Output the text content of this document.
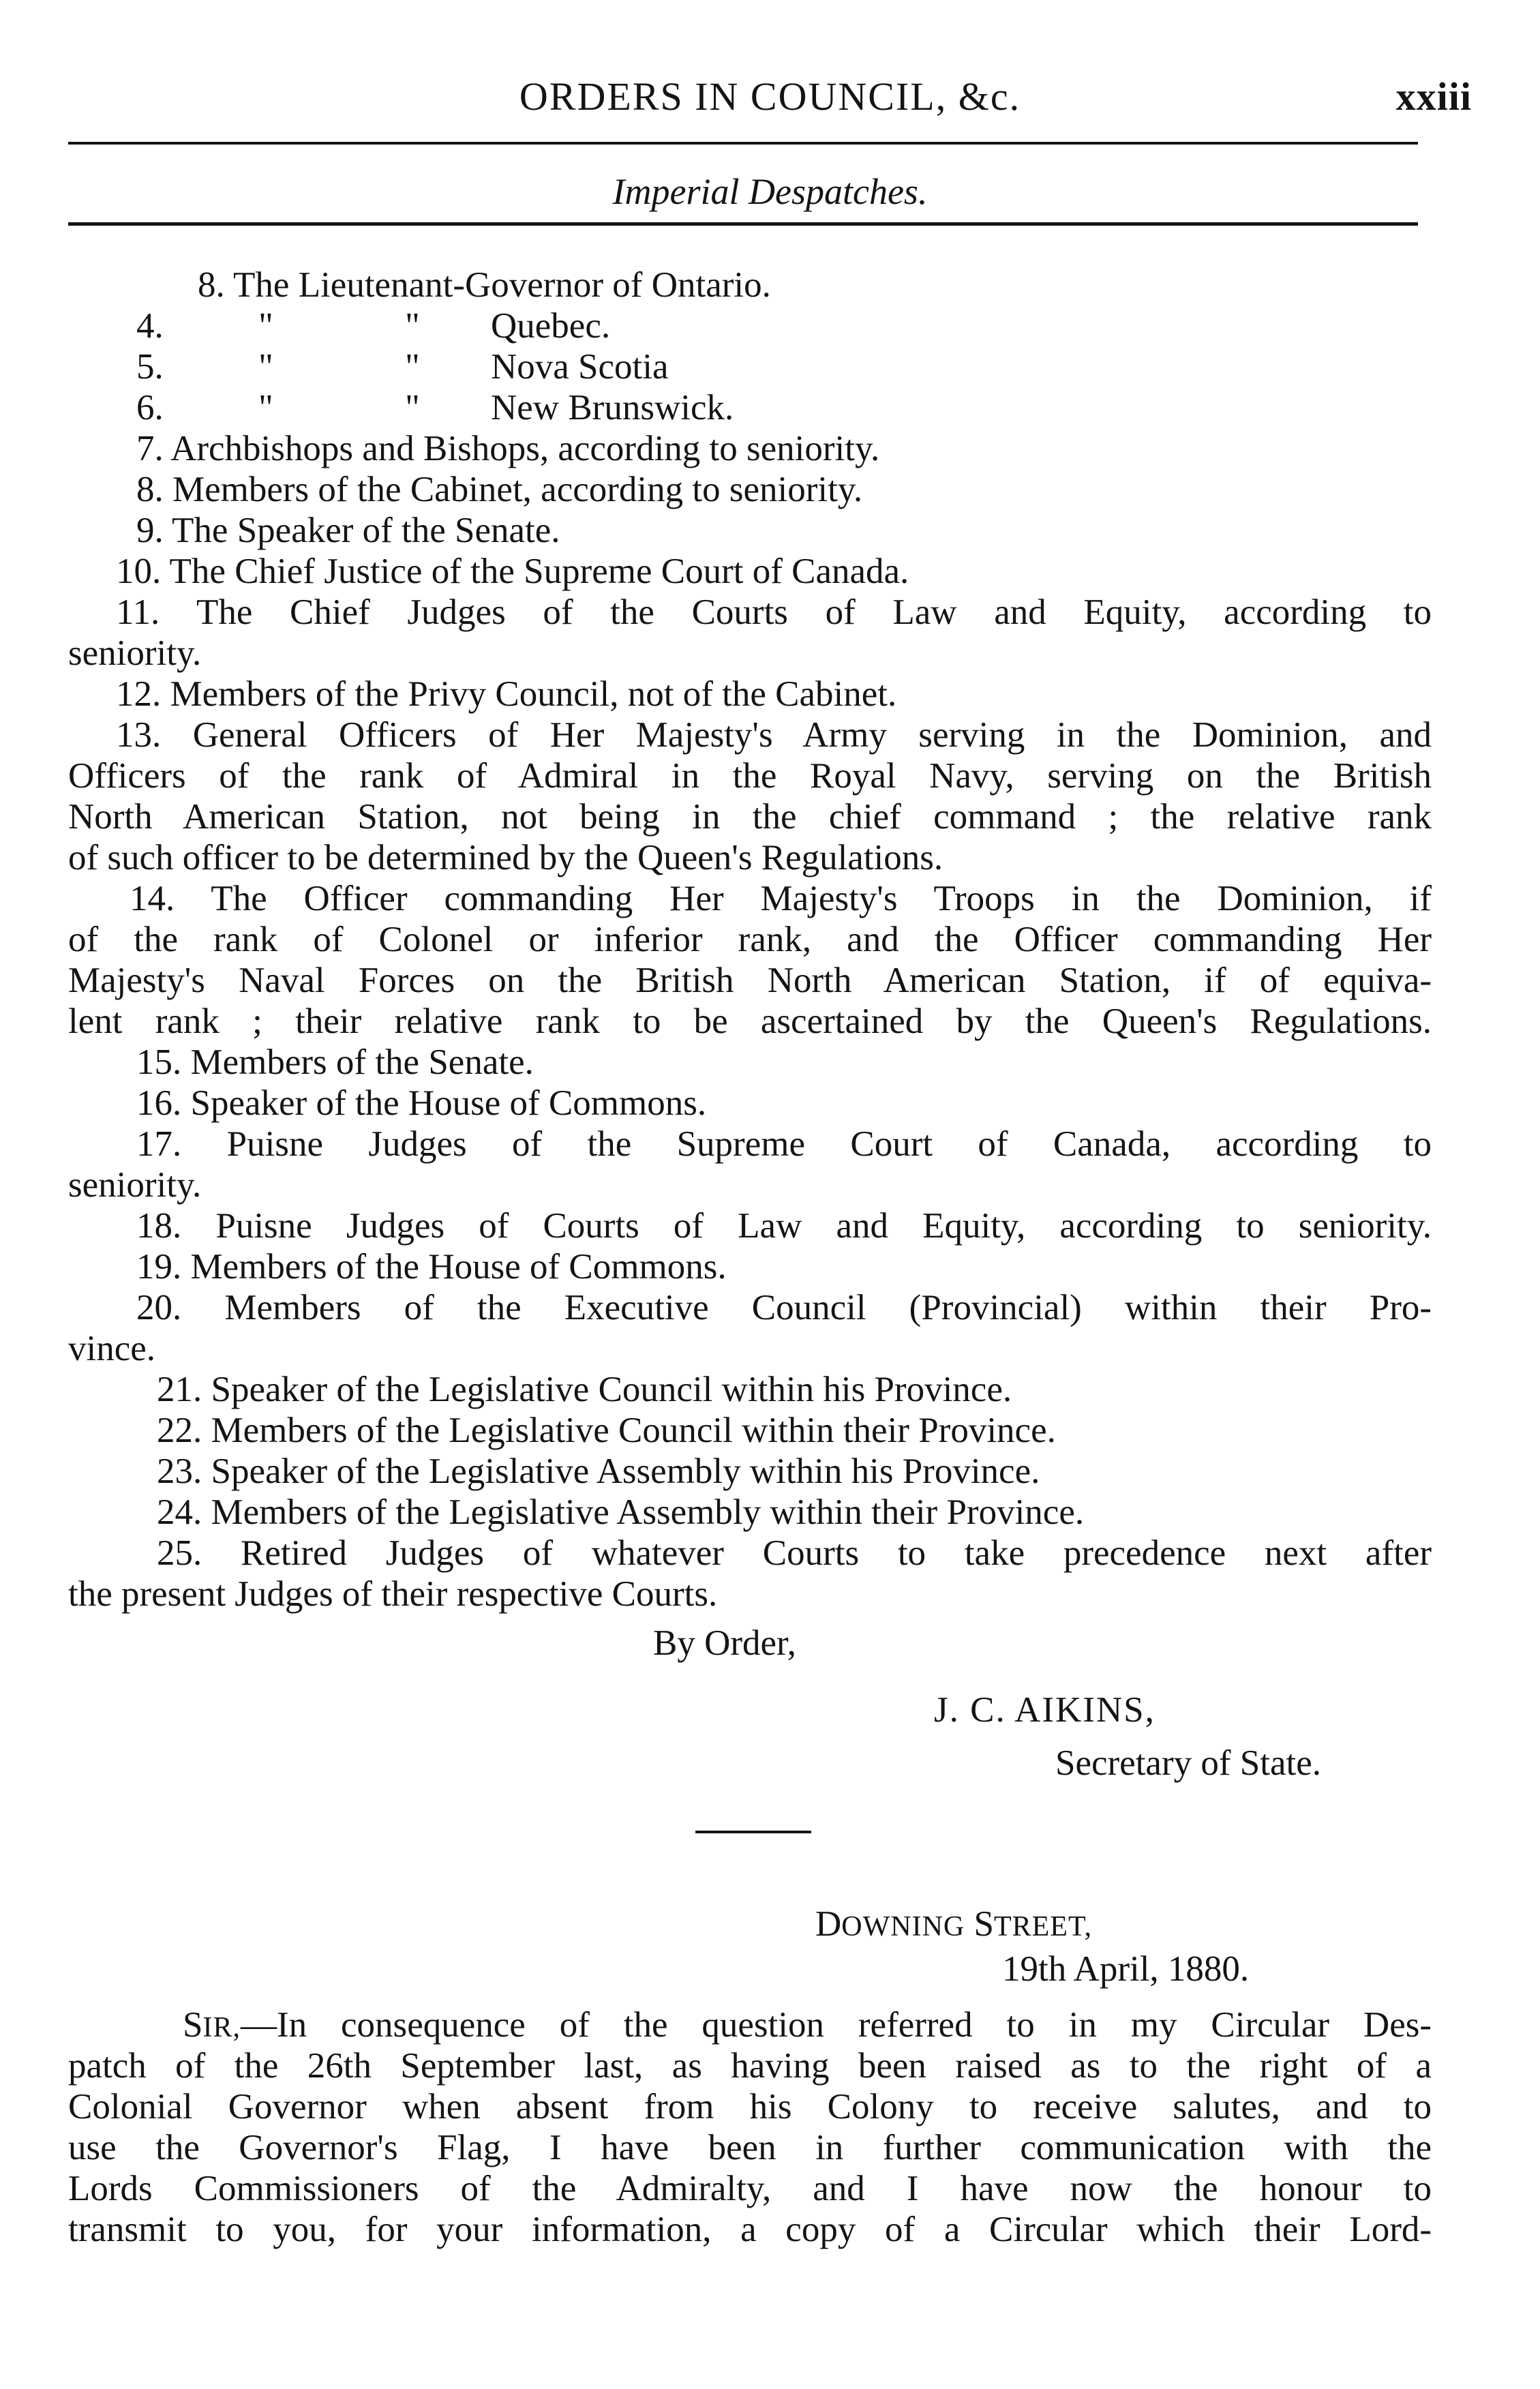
ORDERS IN COUNCIL, &c.	xxiii
Imperial Despatches.
8. The Lieutenant-Governor of Ontario.
4.	"	"	Quebec.
5.	"	"	Nova Scotia
6.	"	"	New Brunswick.
7. Archbishops and Bishops, according to seniority.
8. Members of the Cabinet, according to seniority.
9. The Speaker of the Senate.
10. The Chief Justice of the Supreme Court of Canada.
11. The Chief Judges of the Courts of Law and Equity, according to
seniority.
12. Members of the Privy Council, not of the Cabinet.
13. General Officers of Her Majesty's Army serving in the Dominion, and
Officers of the rank of Admiral in the Royal Navy, serving on the British
North American Station, not being in the chief command ; the relative rank
of such officer to be determined by the Queen's Regulations.
14. The Officer commanding Her Majesty's Troops in the Dominion, if
of the rank of Colonel or inferior rank, and the Officer commanding Her
Majesty's Naval Forces on the British North American Station, if of equiva-
lent rank ; their relative rank to be ascertained by the Queen's Regulations.
15. Members of the Senate.
16. Speaker of the House of Commons.
17. Puisne Judges of the Supreme Court of Canada, according to
seniority.
18. Puisne Judges of Courts of Law and Equity, according to seniority.
19. Members of the House of Commons.
20. Members of the Executive Council (Provincial) within their Pro-
vince.
21. Speaker of the Legislative Council within his Province.
22. Members of the Legislative Council within their Province.
23. Speaker of the Legislative Assembly within his Province.
24. Members of the Legislative Assembly within their Province.
25. Retired Judges of whatever Courts to take precedence next after
the present Judges of their respective Courts.
By Order,
J. C. AIKINS,
Secretary of State.
DOWNING STREET,
19th April, 1880.
SIR,—In consequence of the question referred to in my Circular Des-
patch of the 26th September last, as having been raised as to the right of a
Colonial Governor when absent from his Colony to receive salutes, and to
use the Governor's Flag, I have been in further communication with the
Lords Commissioners of the Admiralty, and I have now the honour to
transmit to you, for your information, a copy of a Circular which their Lord-
